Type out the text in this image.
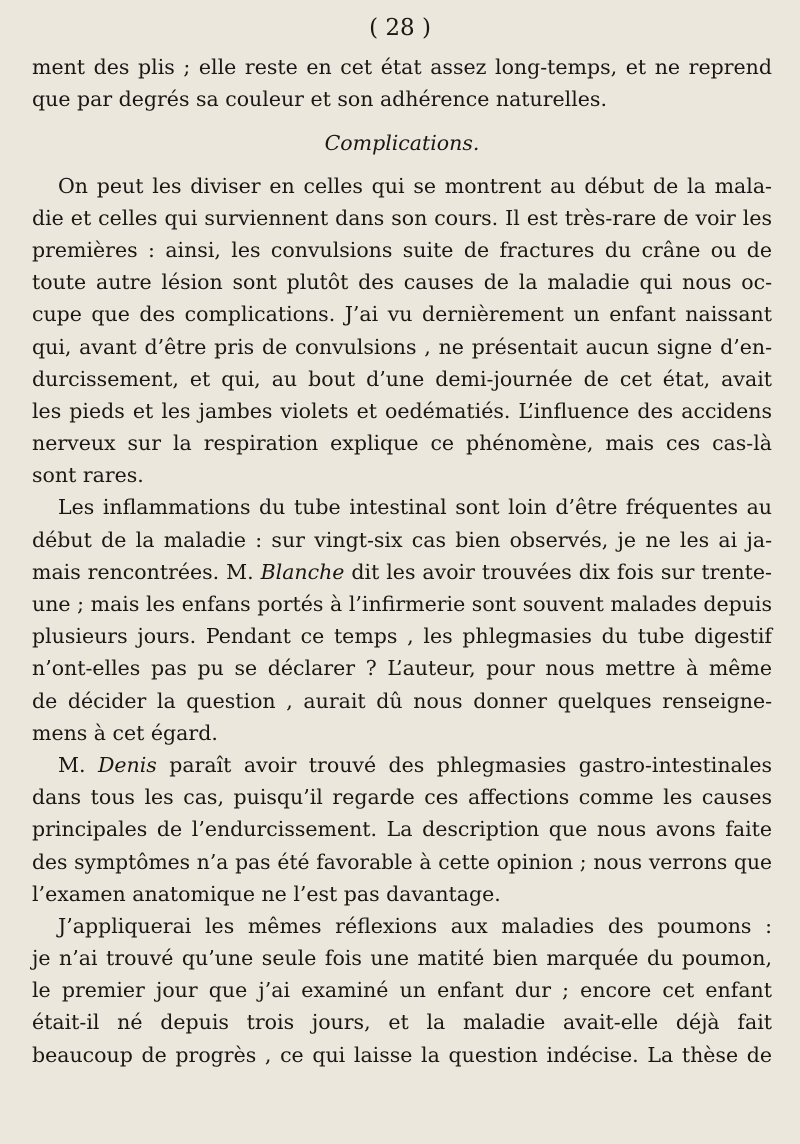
( 28 )
ment des plis ; elle reste en cet état assez long-temps, et ne reprend
que par degrés sa couleur et son adhérence naturelles.
Complications.
On peut les diviser en celles qui se montrent au début de la mala-
die et celles qui surviennent dans son cours. Il est très-rare de voir les
premières : ainsi, les convulsions suite de fractures du crâne ou de
toute autre lésion sont plutôt des causes de la maladie qui nous oc-
cupe que des complications. J’ai vu dernièrement un enfant naissant
qui, avant d’être pris de convulsions , ne présentait aucun signe d’en-
durcissement, et qui, au bout d’une demi-journée de cet état, avait
les pieds et les jambes violets et oedématiés. L’influence des accidens
nerveux sur la respiration explique ce phénomène, mais ces cas-là
sont rares.
Les inflammations du tube intestinal sont loin d’être fréquentes au
début de la maladie : sur vingt-six cas bien observés, je ne les ai ja-
mais rencontrées. M. Blanche dit les avoir trouvées dix fois sur trente-
une ; mais les enfans portés à l’infirmerie sont souvent malades depuis
plusieurs jours. Pendant ce temps , les phlegmasies du tube digestif
n’ont-elles pas pu se déclarer ? L’auteur, pour nous mettre à même
de décider la question , aurait dû nous donner quelques renseigne-
mens à cet égard.
M. Denis paraît avoir trouvé des phlegmasies gastro-intestinales
dans tous les cas, puisqu’il regarde ces affections comme les causes
principales de l’endurcissement. La description que nous avons faite
des symptômes n’a pas été favorable à cette opinion ; nous verrons que
l’examen anatomique ne l’est pas davantage.
J’appliquerai les mêmes réflexions aux maladies des poumons :
je n’ai trouvé qu’une seule fois une matité bien marquée du poumon,
le premier jour que j’ai examiné un enfant dur ; encore cet enfant
était-il né depuis trois jours, et la maladie avait-elle déjà fait
beaucoup de progrès , ce qui laisse la question indécise. La thèse de
